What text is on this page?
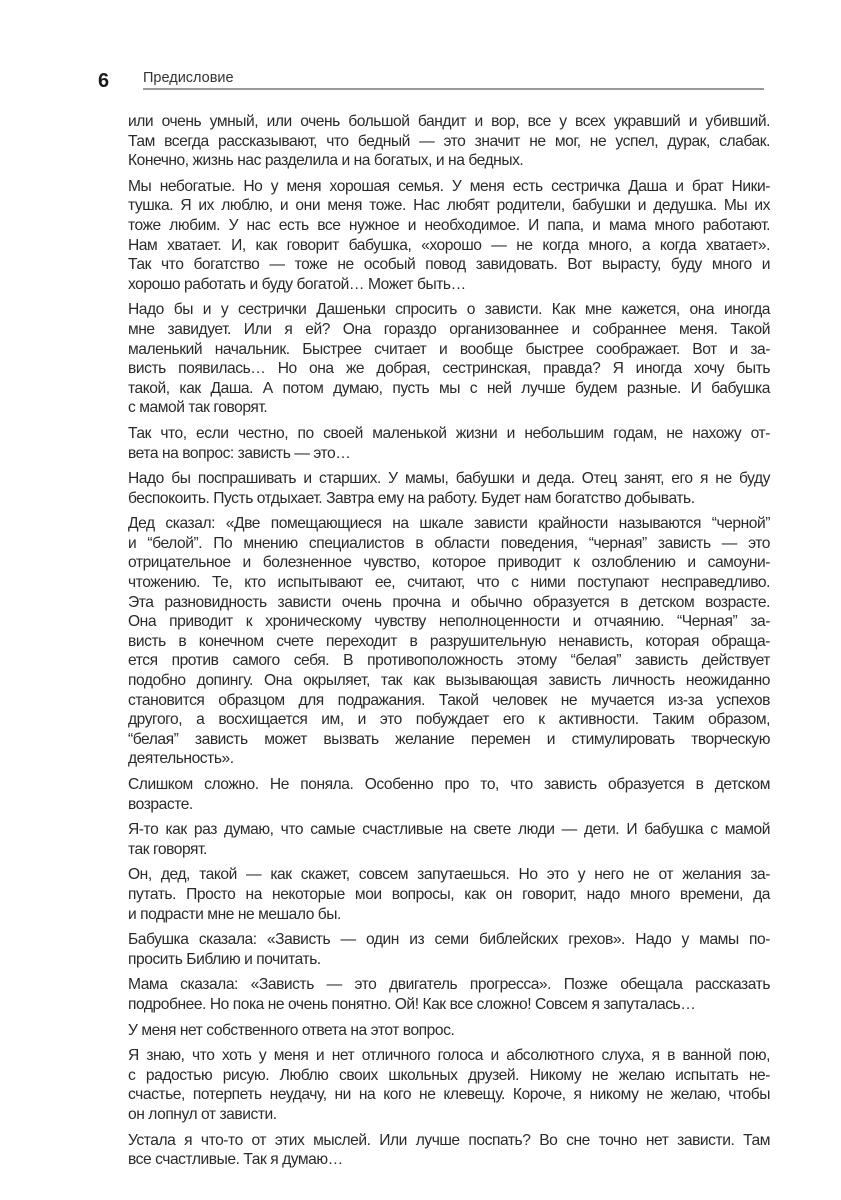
6 Предисловие

или очень умный, или очень большой бандит и вор, все у всех укравший и убивший.
Там всегда рассказывают, что бедный — это значит не мог, не успел, дурак, слабак.
Конечно, жизнь нас разделила и на богатых, и на бедных.

Мы небогатые. Но у меня хорошая семья. У меня есть сестричка Даша и брат Ники-
тушка. Я их люблю, и они меня тоже. Нас любят родители, бабушки и дедушка. Мы их
тоже любим. У нас есть все нужное и необходимое. И папа, и мама много работают.
Нам хватает. И, как говорит бабушка, «хорошо — не когда много, а когда хватает».
Так что богатство — тоже не особый повод завидовать. Вот вырасту, буду много и
хорошо работать и буду богатой… Может быть…

Надо бы и у сестрички Дашеньки спросить о зависти. Как мне кажется, она иногда
мне завидует. Или я ей? Она гораздо организованнее и собраннее меня. Такой
маленький начальник. Быстрее считает и вообще быстрее соображает. Вот и за-
висть появилась… Но она же добрая, сестринская, правда? Я иногда хочу быть
такой, как Даша. А потом думаю, пусть мы с ней лучше будем разные. И бабушка
с мамой так говорят.

Так что, если честно, по своей маленькой жизни и небольшим годам, не нахожу от-
вета на вопрос: зависть — это…

Надо бы поспрашивать и старших. У мамы, бабушки и деда. Отец занят, его я не буду
беспокоить. Пусть отдыхает. Завтра ему на работу. Будет нам богатство добывать.

Дед сказал: «Две помещающиеся на шкале зависти крайности называются “черной”
и “белой”. По мнению специалистов в области поведения, “черная” зависть — это
отрицательное и болезненное чувство, которое приводит к озлоблению и самоуни-
чтожению. Те, кто испытывают ее, считают, что с ними поступают несправедливо.
Эта разновидность зависти очень прочна и обычно образуется в детском возрасте.
Она приводит к хроническому чувству неполноценности и отчаянию. “Черная” за-
висть в конечном счете переходит в разрушительную ненависть, которая обраща-
ется против самого себя. В противоположность этому “белая” зависть действует
подобно допингу. Она окрыляет, так как вызывающая зависть личность неожиданно
становится образцом для подражания. Такой человек не мучается из-за успехов
другого, а восхищается им, и это побуждает его к активности. Таким образом,
“белая” зависть может вызвать желание перемен и стимулировать творческую
деятельность».

Слишком сложно. Не поняла. Особенно про то, что зависть образуется в детском
возрасте.

Я-то как раз думаю, что самые счастливые на свете люди — дети. И бабушка с мамой
так говорят.

Он, дед, такой — как скажет, совсем запутаешься. Но это у него не от желания за-
путать. Просто на некоторые мои вопросы, как он говорит, надо много времени, да
и подрасти мне не мешало бы.

Бабушка сказала: «Зависть — один из семи библейских грехов». Надо у мамы по-
просить Библию и почитать.

Мама сказала: «Зависть — это двигатель прогресса». Позже обещала рассказать
подробнее. Но пока не очень понятно. Ой! Как все сложно! Совсем я запуталась…

У меня нет собственного ответа на этот вопрос.

Я знаю, что хоть у меня и нет отличного голоса и абсолютного слуха, я в ванной пою,
с радостью рисую. Люблю своих школьных друзей. Никому не желаю испытать не-
счастье, потерпеть неудачу, ни на кого не клевещу. Короче, я никому не желаю, чтобы
он лопнул от зависти.

Устала я что-то от этих мыслей. Или лучше поспать? Во сне точно нет зависти. Там
все счастливые. Так я думаю…
